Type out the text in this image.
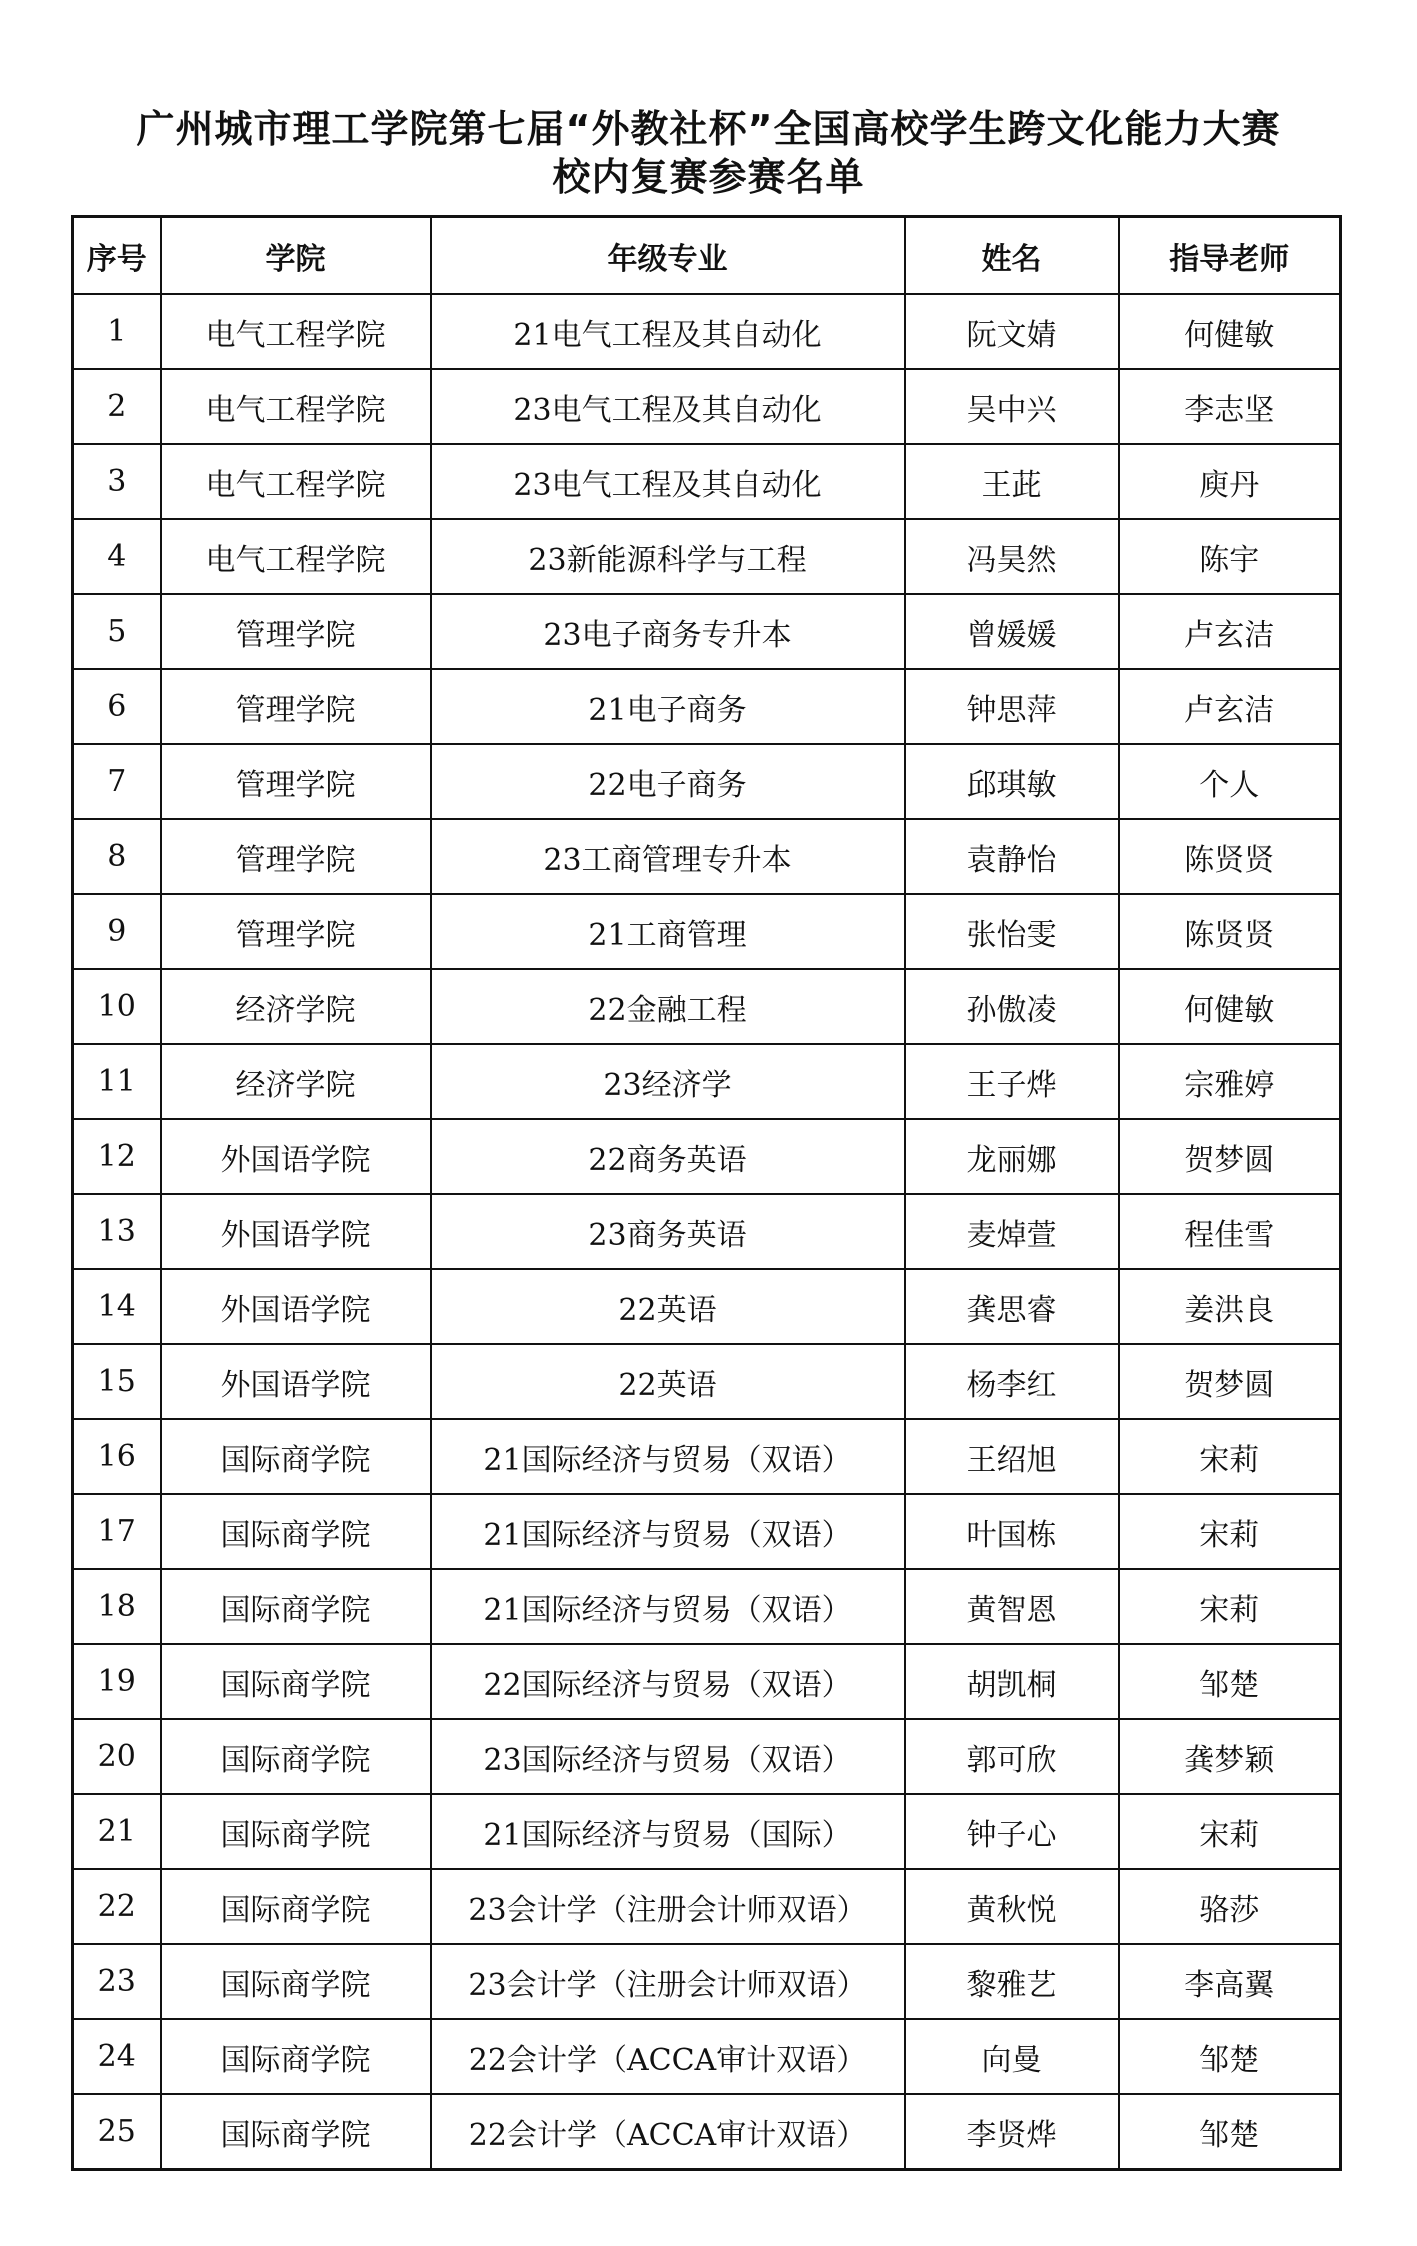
广州城市理工学院第七届“外教社杯”全国高校学生跨文化能力大赛
校内复赛参赛名单
序号	学院	年级专业	姓名	指导老师
1	电气工程学院	21电气工程及其自动化	阮文婧	何健敏
2	电气工程学院	23电气工程及其自动化	吴中兴	李志坚
3	电气工程学院	23电气工程及其自动化	王茈	庾丹
4	电气工程学院	23新能源科学与工程	冯昊然	陈宇
5	管理学院	23电子商务专升本	曾媛媛	卢玄洁
6	管理学院	21电子商务	钟思萍	卢玄洁
7	管理学院	22电子商务	邱琪敏	个人
8	管理学院	23工商管理专升本	袁静怡	陈贤贤
9	管理学院	21工商管理	张怡雯	陈贤贤
10	经济学院	22金融工程	孙傲凌	何健敏
11	经济学院	23经济学	王子烨	宗雅婷
12	外国语学院	22商务英语	龙丽娜	贺梦圆
13	外国语学院	23商务英语	麦焯萱	程佳雪
14	外国语学院	22英语	龚思睿	姜洪良
15	外国语学院	22英语	杨李红	贺梦圆
16	国际商学院	21国际经济与贸易（双语）	王绍旭	宋莉
17	国际商学院	21国际经济与贸易（双语）	叶国栋	宋莉
18	国际商学院	21国际经济与贸易（双语）	黄智恩	宋莉
19	国际商学院	22国际经济与贸易（双语）	胡凯桐	邹楚
20	国际商学院	23国际经济与贸易（双语）	郭可欣	龚梦颖
21	国际商学院	21国际经济与贸易（国际）	钟子心	宋莉
22	国际商学院	23会计学（注册会计师双语）	黄秋悦	骆莎
23	国际商学院	23会计学（注册会计师双语）	黎雅艺	李高翼
24	国际商学院	22会计学（ACCA审计双语）	向曼	邹楚
25	国际商学院	22会计学（ACCA审计双语）	李贤烨	邹楚
